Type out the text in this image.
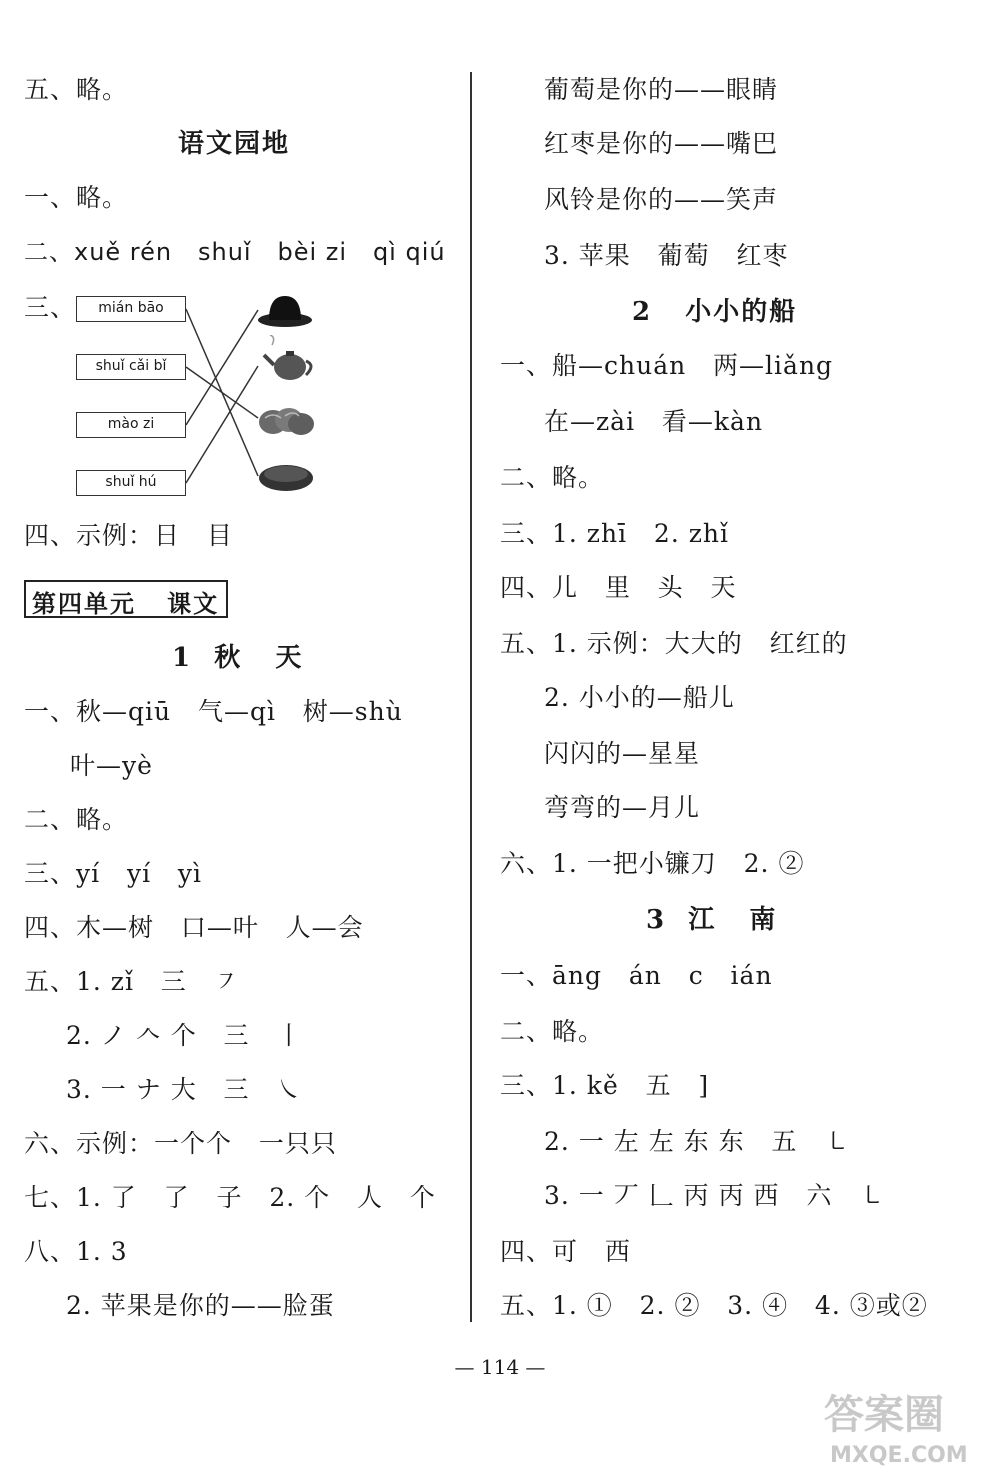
五、略。
语文园地
一、略。
二、xuě rén   shuǐ   bèi zi   qì qiú
三、	mián bāo
shuǐ cǎi bǐ
mào zi
shuǐ hú
四、示例：日   目
第四单元   课文
1  秋   天
一、秋—qiū   气—qì   树—shù
叶—yè
二、略。
三、yí   yí   yì
四、木—树   口—叶   人—会
五、1. zǐ   三   ㇇
2. ノ 𠆢 个   三   丨
3. 一 ナ 大   三   ㇏
六、示例：一个个   一只只
七、1. 了   了   子   2. 个   人   个
八、1. 3
2. 苹果是你的——脸蛋
葡萄是你的——眼睛
红枣是你的——嘴巴
风铃是你的——笑声
3. 苹果   葡萄   红枣
2   小小的船
一、船—chuán   两—liǎng
在—zài   看—kàn
二、略。
三、1. zhī   2. zhǐ
四、儿   里   头   天
五、1. 示例：大大的   红红的
2. 小小的—船儿
闪闪的—星星
弯弯的—月儿
六、1. 一把小镰刀   2. ②
3  江   南
一、āng   án   c   ián
二、略。
三、1. kě   五   ]
2. 一 左 左 东 东   五   ㇄
3. 一 丆 𠃊 丙 丙 西   六   ㇄
四、可   西
五、1. ①   2. ②   3. ④   4. ③或②
— 114 —
答案圈
MXQE.COM
